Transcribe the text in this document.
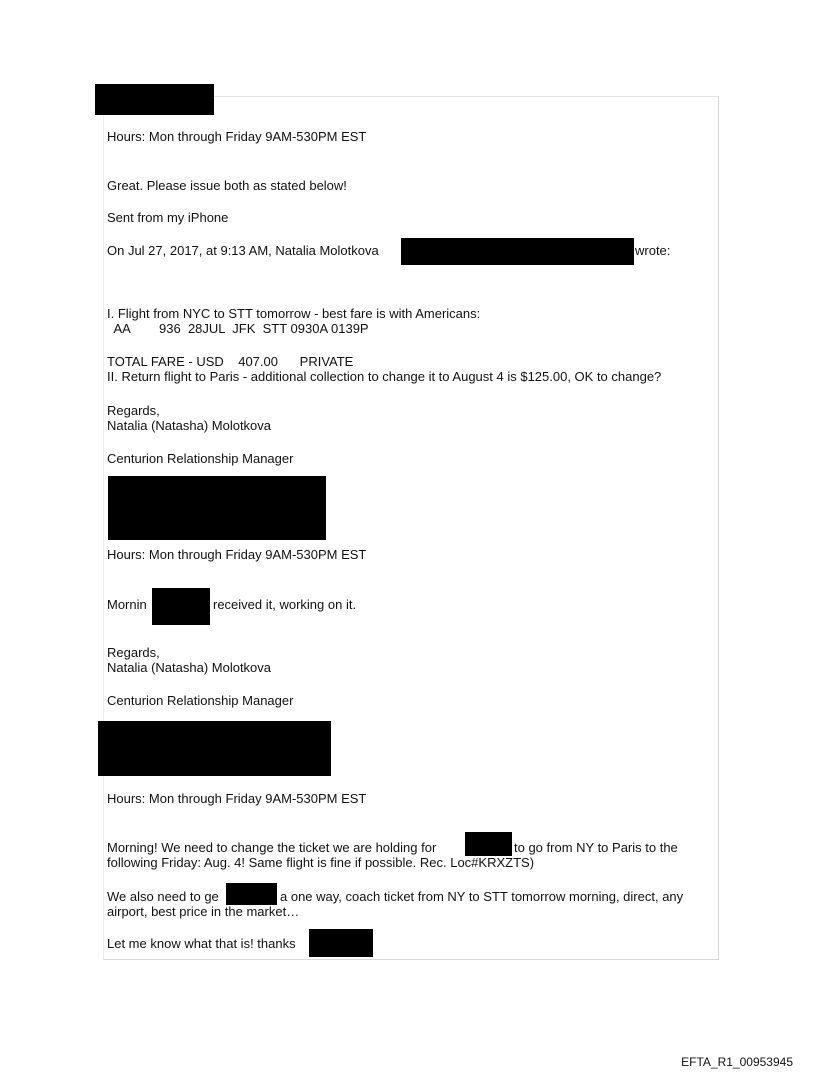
Hours: Mon through Friday 9AM-530PM EST
Great. Please issue both as stated below!
Sent from my iPhone
On Jul 27, 2017, at 9:13 AM, Natalia Molotkova	wrote:
I. Flight from NYC to STT tomorrow - best fare is with Americans:
AA        936  28JUL  JFK  STT 0930A 0139P
TOTAL FARE - USD    407.00      PRIVATE
II. Return flight to Paris - additional collection to change it to August 4 is $125.00, OK to change?
Regards,
Natalia (Natasha) Molotkova
Centurion Relationship Manager
Hours: Mon through Friday 9AM-530PM EST
Mornin	received it, working on it.
Regards,
Natalia (Natasha) Molotkova
Centurion Relationship Manager
Hours: Mon through Friday 9AM-530PM EST
Morning! We need to change the ticket we are holding for	to go from NY to Paris to the
following Friday: Aug. 4! Same flight is fine if possible. Rec. Loc#KRXZTS)
We also need to ge	a one way, coach ticket from NY to STT tomorrow morning, direct, any
airport, best price in the market…
Let me know what that is! thanks
EFTA_R1_00953945
